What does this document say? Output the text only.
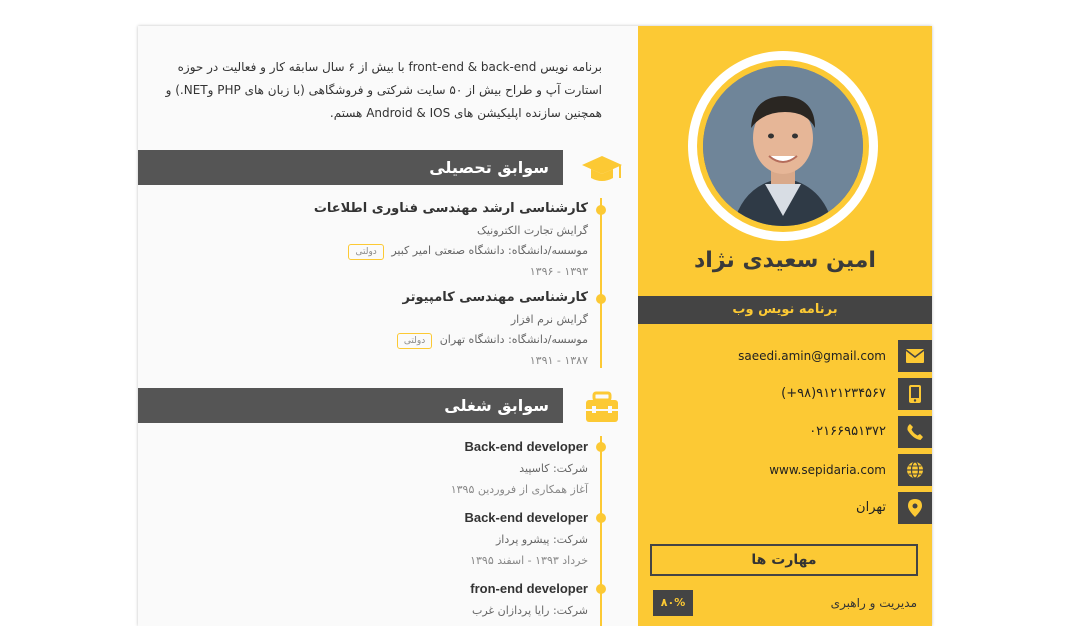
برنامه نویس front-end & back-end با بیش از ۶ سال سابقه کار و فعالیت در حوزه استارت آپ و طراح بیش از ۵۰ سایت شرکتی و فروشگاهی (با زبان های PHP وNET.) و همچنین سازنده اپلیکیشن های Android & IOS هستم.

سوابق تحصیلی
کارشناسی ارشد مهندسی فناوری اطلاعات
گرایش تجارت الکترونیک
موسسه/دانشگاه: دانشگاه صنعتی امیر کبیر دولتی
۱۳۹۳ - ۱۳۹۶
کارشناسی مهندسی کامپیوتر
گرایش نرم افزار
موسسه/دانشگاه: دانشگاه تهران دولتی
۱۳۸۷ - ۱۳۹۱
سوابق شغلی
Back-end developer
شرکت: کاسپید
آغاز همکاری از فروردین ۱۳۹۵
Back-end developer
شرکت: پیشرو پرداز
خرداد ۱۳۹۳ - اسفند ۱۳۹۵
fron-end developer
شرکت: رایا پردازان غرب
امین سعیدی نژاد
برنامه نویس وب
saeedi.amin@gmail.com
(+۹۸)۹۱۲۱۲۳۴۵۶۷
۰۲۱۶۶۹۵۱۳۷۲
www.sepidaria.com
تهران
مهارت ها
۸۰%	مدیریت و راهبری
